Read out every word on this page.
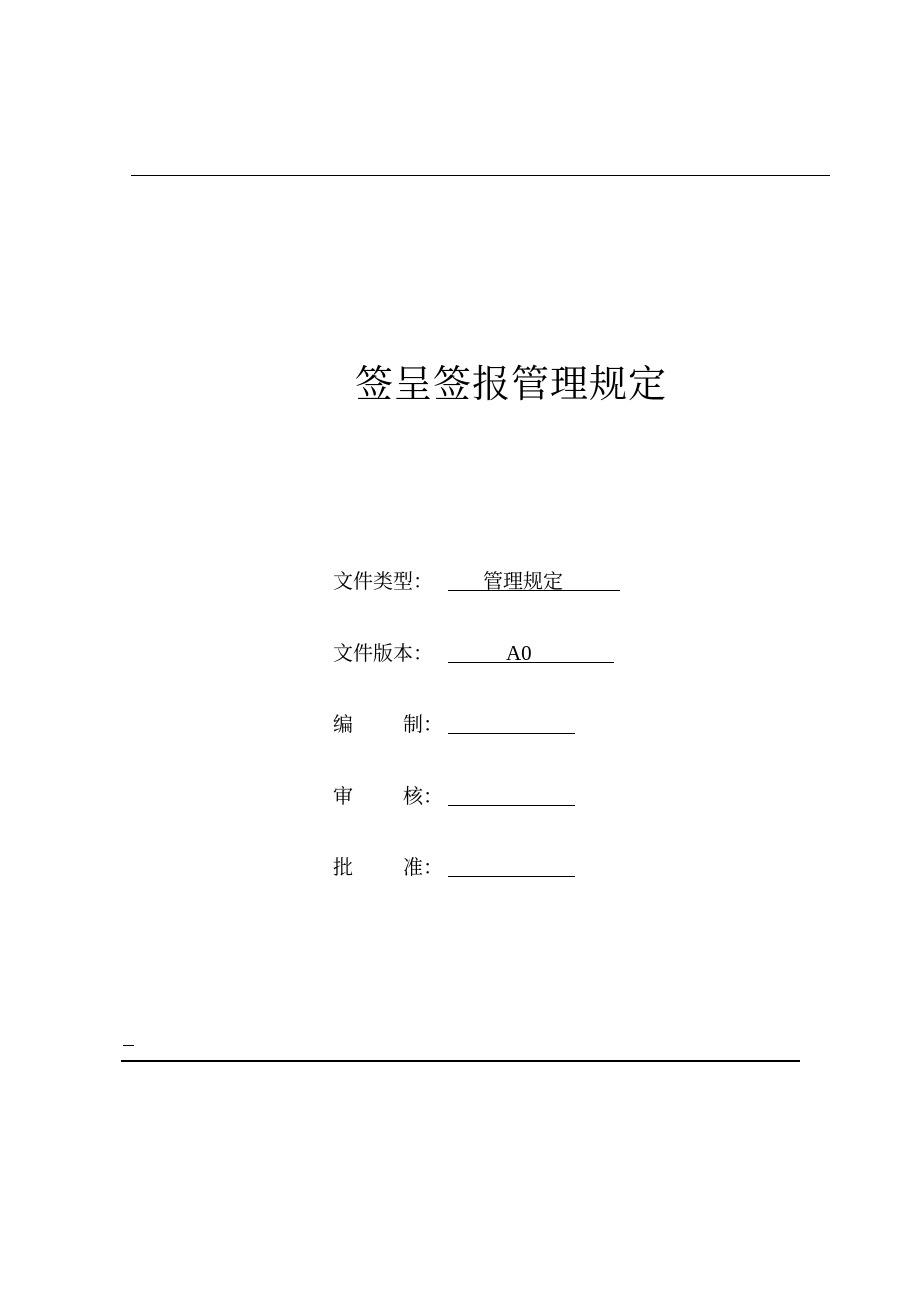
签呈签报管理规定
文件类型：	管理规定
文件版本：	A0
编	制 ：
审	核 ：
批	准 ：
